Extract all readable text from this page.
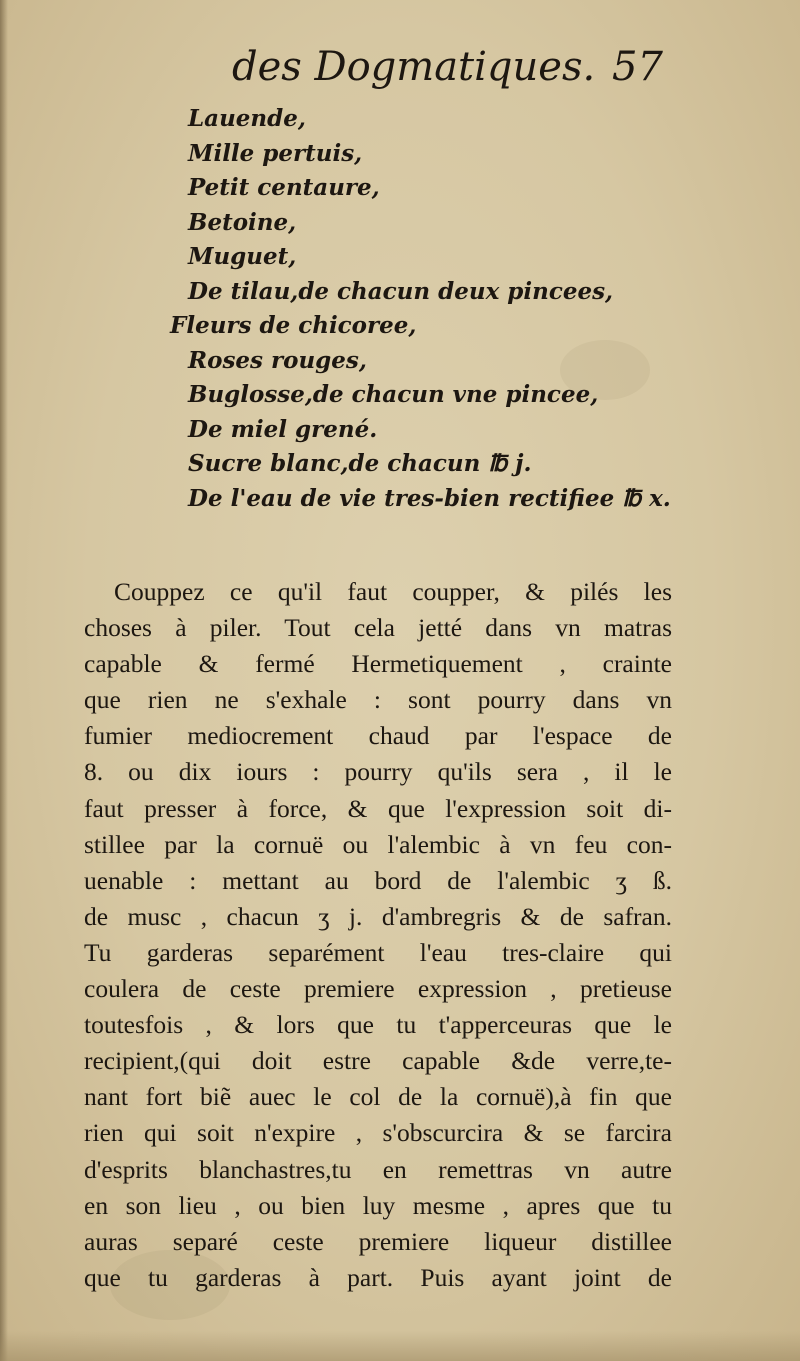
des Dogmatiques. 57
Lauende,
Mille pertuis,
Petit centaure,
Betoine,
Muguet,
De tilau,de chacun deux pincees,
Fleurs de chicoree,
Roses rouges,
Buglosse,de chacun vne pincee,
De miel grené.
Sucre blanc,de chacun ℔ j.
De l'eau de vie tres-bien rectifiee ℔ x.
Couppez ce qu'il faut coupper, & pilés les
choses à piler. Tout cela jetté dans vn matras
capable & fermé Hermetiquement , crainte
que rien ne s'exhale : sont pourry dans vn
fumier mediocrement chaud par l'espace de
8. ou dix iours : pourry qu'ils sera , il le
faut presser à force, & que l'expression soit di-
stillee par la cornuë ou l'alembic à vn feu con-
uenable : mettant au bord de l'alembic ʒ ß.
de musc , chacun ʒ j. d'ambregris & de safran.
Tu garderas separément l'eau tres-claire qui
coulera de ceste premiere expression , pretieuse
toutesfois , & lors que tu t'apperceuras que le
recipient,(qui doit estre capable &de verre,te-
nant fort biẽ auec le col de la cornuë),à fin que
rien qui soit n'expire , s'obscurcira & se farcira
d'esprits blanchastres,tu en remettras vn autre
en son lieu , ou bien luy mesme , apres que tu
auras separé ceste premiere liqueur distillee
que tu garderas à part. Puis ayant joint de
